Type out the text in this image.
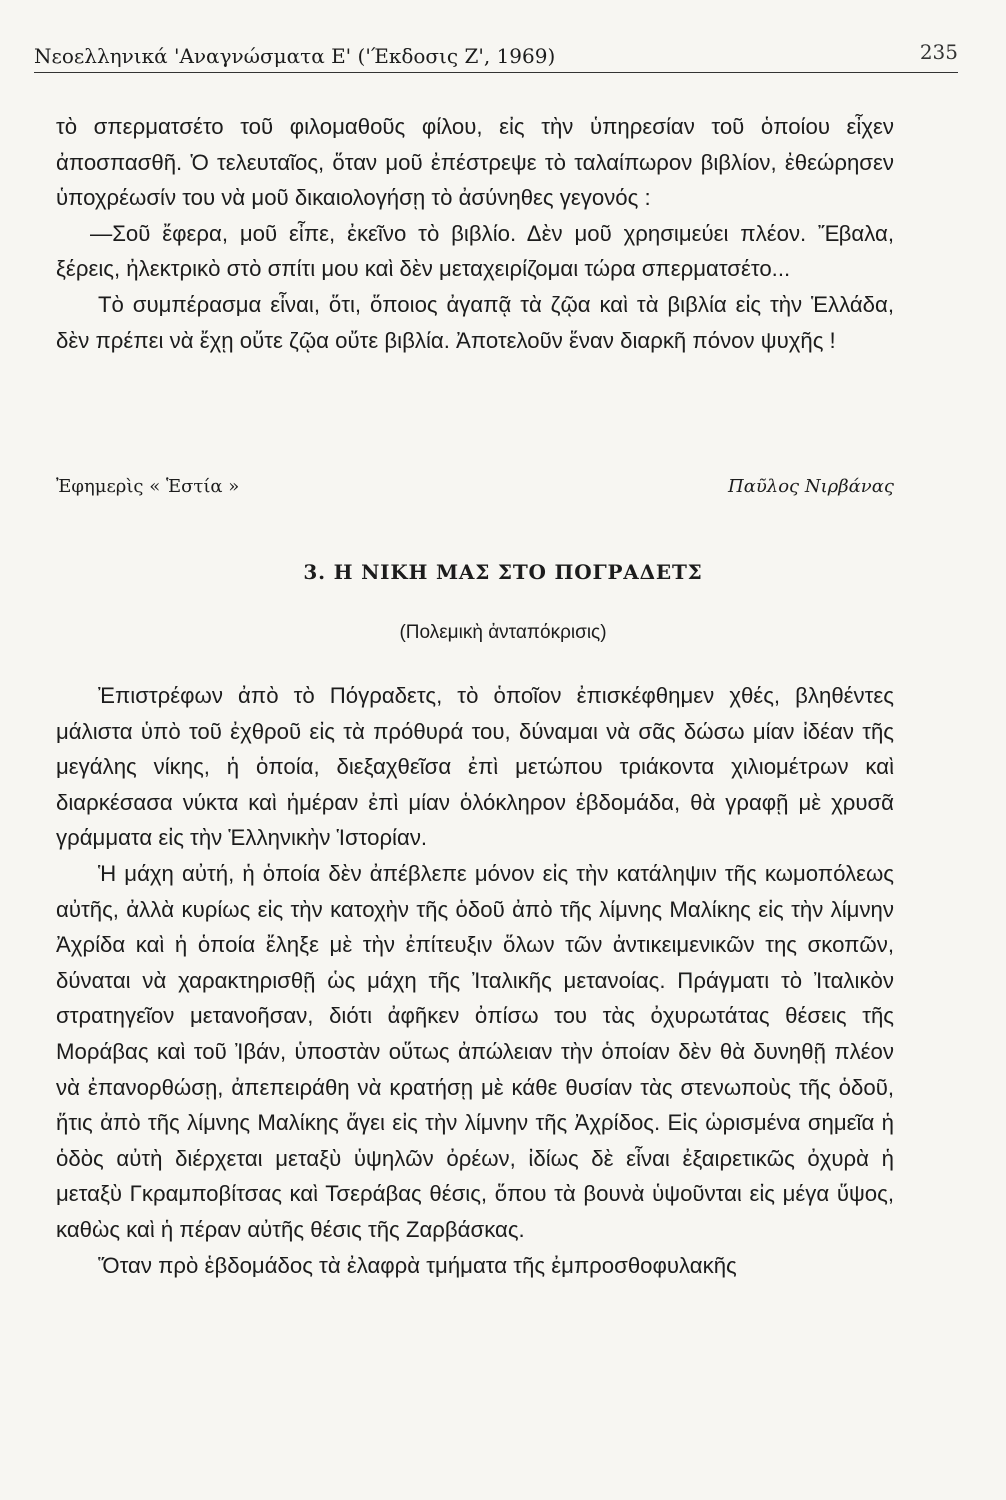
Νεοελληνικά 'Αναγνώσματα Ε' ('Έκδοσις Ζ', 1969)	235

τὸ σπερματσέτο τοῦ φιλομαθοῦς φίλου, εἰς τὴν ὑπηρεσίαν τοῦ ὁποίου εἶχεν ἀποσπασθῆ. Ὁ τελευταῖος, ὅταν μοῦ ἐπέστρεψε τὸ ταλαίπωρον βιβλίον, ἐθεώρησεν ὑποχρέωσίν του νὰ μοῦ δικαιολογήσῃ τὸ ἀσύνηθες γεγονός :

—Σοῦ ἔφερα, μοῦ εἶπε, ἐκεῖνο τὸ βιβλίο. Δὲν μοῦ χρησιμεύει πλέον. Ἔβαλα, ξέρεις, ἠλεκτρικὸ στὸ σπίτι μου καὶ δὲν μεταχειρίζομαι τώρα σπερματσέτο...

Τὸ συμπέρασμα εἶναι, ὅτι, ὅποιος ἀγαπᾷ τὰ ζῷα καὶ τὰ βιβλία εἰς τὴν Ἑλλάδα, δὲν πρέπει νὰ ἔχῃ οὔτε ζῷα οὔτε βιβλία. Ἀποτελοῦν ἕναν διαρκῆ πόνον ψυχῆς !

Ἐφημερὶς « Ἑστία »	Παῦλος Νιρβάνας
3. Η ΝΙΚΗ ΜΑΣ ΣΤΟ ΠΟΓΡΑΔΕΤΣ
(Πολεμικὴ ἀνταπόκρισις)

Ἐπιστρέφων ἀπὸ τὸ Πόγραδετς, τὸ ὁποῖον ἐπισκέφθημεν χθές, βληθέντες μάλιστα ὑπὸ τοῦ ἐχθροῦ εἰς τὰ πρόθυρά του, δύναμαι νὰ σᾶς δώσω μίαν ἰδέαν τῆς μεγάλης νίκης, ἡ ὁποία, διεξαχθεῖσα ἐπὶ μετώπου τριάκοντα χιλιομέτρων καὶ διαρκέσασα νύκτα καὶ ἡμέραν ἐπὶ μίαν ὁλόκληρον ἑβδομάδα, θὰ γραφῇ μὲ χρυσᾶ γράμματα εἰς τὴν Ἑλληνικὴν Ἱστορίαν.

Ἡ μάχη αὐτή, ἡ ὁποία δὲν ἀπέβλεπε μόνον εἰς τὴν κατάληψιν τῆς κωμοπόλεως αὐτῆς, ἀλλὰ κυρίως εἰς τὴν κατοχὴν τῆς ὁδοῦ ἀπὸ τῆς λίμνης Μαλίκης εἰς τὴν λίμνην Ἀχρίδα καὶ ἡ ὁποία ἔληξε μὲ τὴν ἐπίτευξιν ὅλων τῶν ἀντικειμενικῶν της σκοπῶν, δύναται νὰ χαρακτηρισθῇ ὡς μάχη τῆς Ἰταλικῆς μετανοίας. Πράγματι τὸ Ἰταλικὸν στρατηγεῖον μετανοῆσαν, διότι ἀφῆκεν ὀπίσω του τὰς ὀχυρωτάτας θέσεις τῆς Μοράβας καὶ τοῦ Ἰβάν, ὑποστὰν οὕτως ἀπώλειαν τὴν ὁποίαν δὲν θὰ δυνηθῇ πλέον νὰ ἐπανορθώσῃ, ἀπεπειράθη νὰ κρατήσῃ μὲ κάθε θυσίαν τὰς στενωποὺς τῆς ὁδοῦ, ἥτις ἀπὸ τῆς λίμνης Μαλίκης ἄγει εἰς τὴν λίμνην τῆς Ἀχρίδος. Εἰς ὡρισμένα σημεῖα ἡ ὁδὸς αὐτὴ διέρχεται μεταξὺ ὑψηλῶν ὀρέων, ἰδίως δὲ εἶναι ἐξαιρετικῶς ὀχυρὰ ἡ μεταξὺ Γκραμποβίτσας καὶ Τσεράβας θέσις, ὅπου τὰ βουνὰ ὑψοῦνται εἰς μέγα ὕψος, καθὼς καὶ ἡ πέραν αὐτῆς θέσις τῆς Ζαρβάσκας.

Ὅταν πρὸ ἑβδομάδος τὰ ἐλαφρὰ τμήματα τῆς ἐμπροσθοφυλακῆς
